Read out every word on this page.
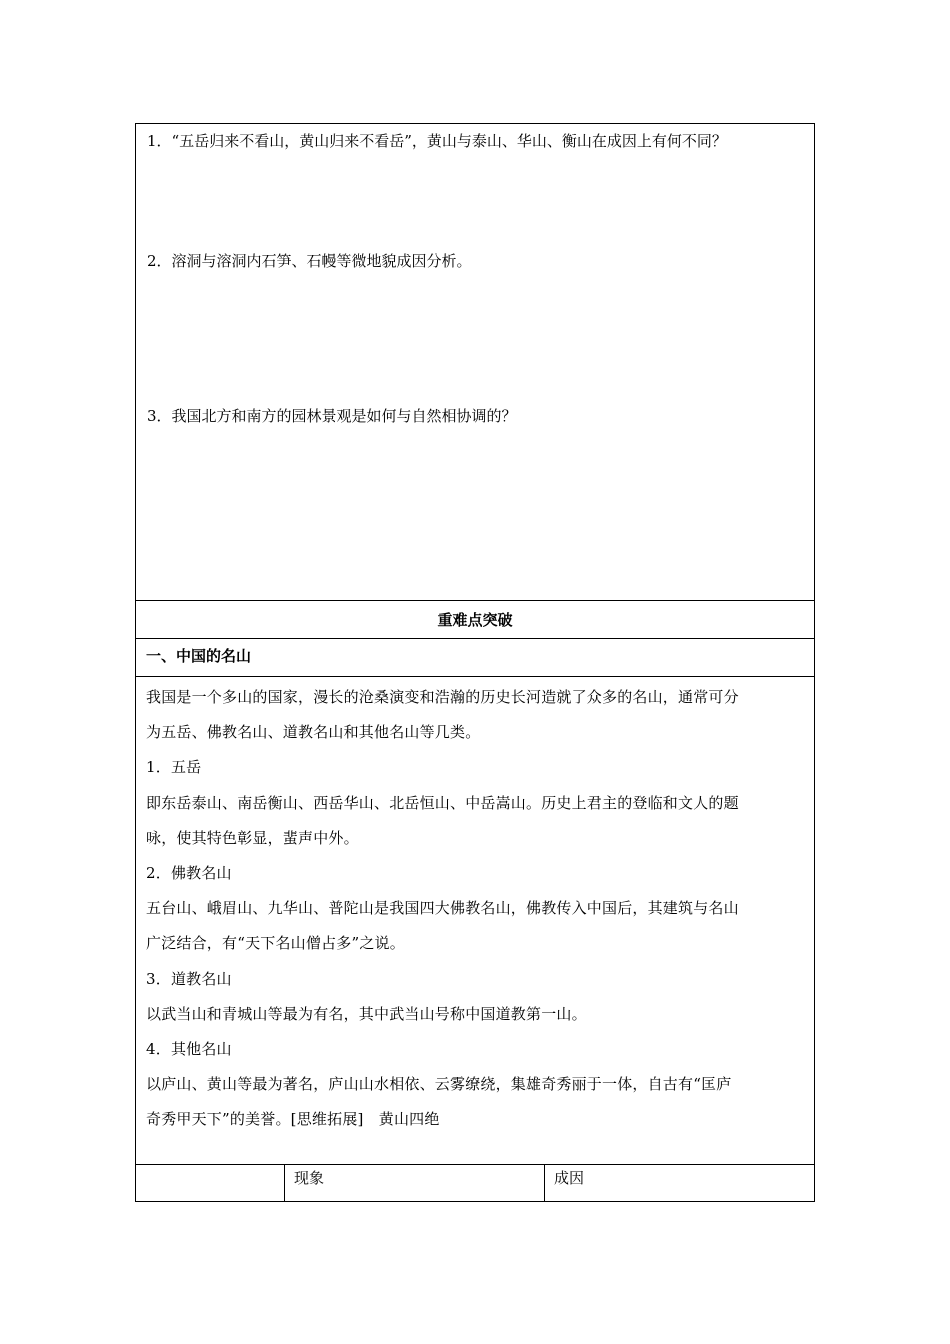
1．“五岳归来不看山，黄山归来不看岳”，黄山与泰山、华山、衡山在成因上有何不同？
2．溶洞与溶洞内石笋、石幔等微地貌成因分析。
3．我国北方和南方的园林景观是如何与自然相协调的？
重难点突破
一、中国的名山

我国是一个多山的国家，漫长的沧桑演变和浩瀚的历史长河造就了众多的名山，通常可分

为五岳、佛教名山、道教名山和其他名山等几类。

1．五岳

即东岳泰山、南岳衡山、西岳华山、北岳恒山、中岳嵩山。历史上君主的登临和文人的题

咏，使其特色彰显，蜚声中外。

2．佛教名山

五台山、峨眉山、九华山、普陀山是我国四大佛教名山，佛教传入中国后，其建筑与名山

广泛结合，有“天下名山僧占多”之说。

3．道教名山

以武当山和青城山等最为有名，其中武当山号称中国道教第一山。

4．其他名山

以庐山、黄山等最为著名，庐山山水相依、云雾缭绕，集雄奇秀丽于一体，自古有“匡庐

奇秀甲天下”的美誉。[思维拓展]　黄山四绝

现象	成因
